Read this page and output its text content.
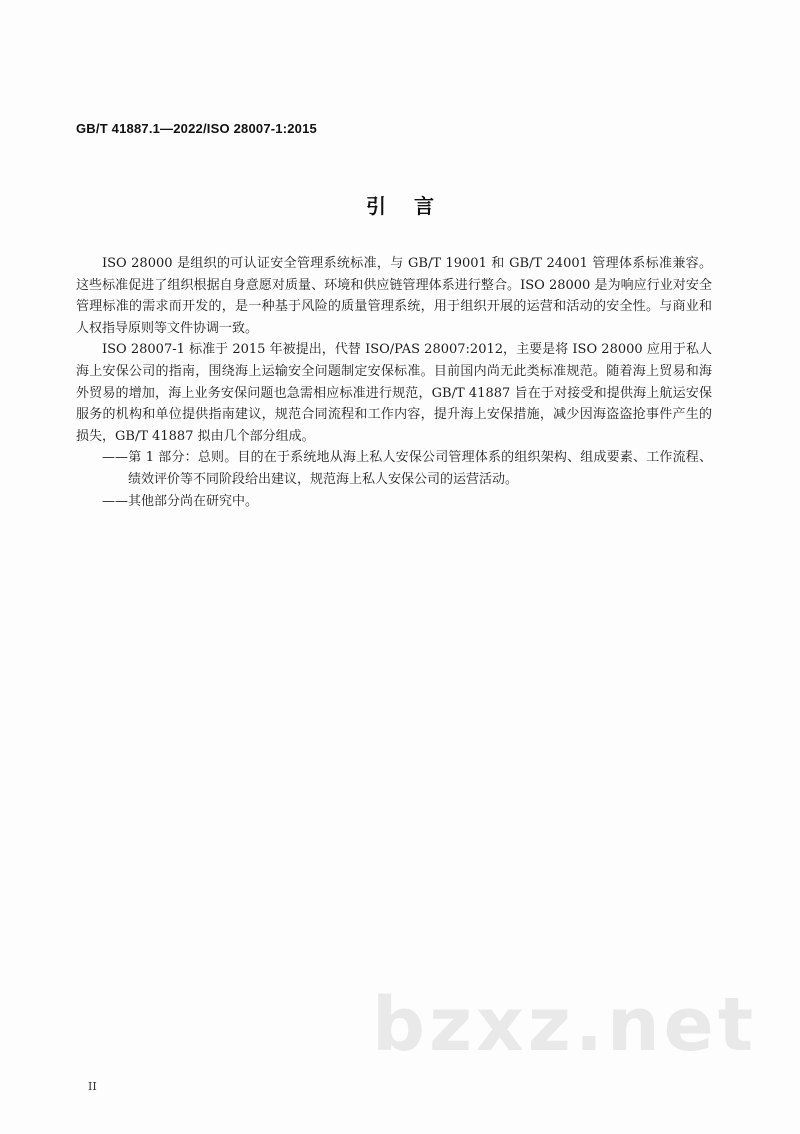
GB/T 41887.1—2022/ISO 28007-1:2015
引言

ISO 28000 是组织的可认证安全管理系统标准，与 GB/T 19001 和 GB/T 24001 管理体系标准兼容。这些标准促进了组织根据自身意愿对质量、环境和供应链管理体系进行整合。ISO 28000 是为响应行业对安全管理标准的需求而开发的，是一种基于风险的质量管理系统，用于组织开展的运营和活动的安全性。与商业和人权指导原则等文件协调一致。

ISO 28007-1 标准于 2015 年被提出，代替 ISO/PAS 28007:2012，主要是将 ISO 28000 应用于私人海上安保公司的指南，围绕海上运输安全问题制定安保标准。目前国内尚无此类标准规范。随着海上贸易和海外贸易的增加，海上业务安保问题也急需相应标准进行规范，GB/T 41887 旨在于对接受和提供海上航运安保服务的机构和单位提供指南建议，规范合同流程和工作内容，提升海上安保措施，减少因海盗盗抢事件产生的损失，GB/T 41887 拟由几个部分组成。

——第 1 部分：总则。目的在于系统地从海上私人安保公司管理体系的组织架构、组成要素、工作流程、绩效评价等不同阶段给出建议，规范海上私人安保公司的运营活动。

——其他部分尚在研究中。

bzxz.net
II
